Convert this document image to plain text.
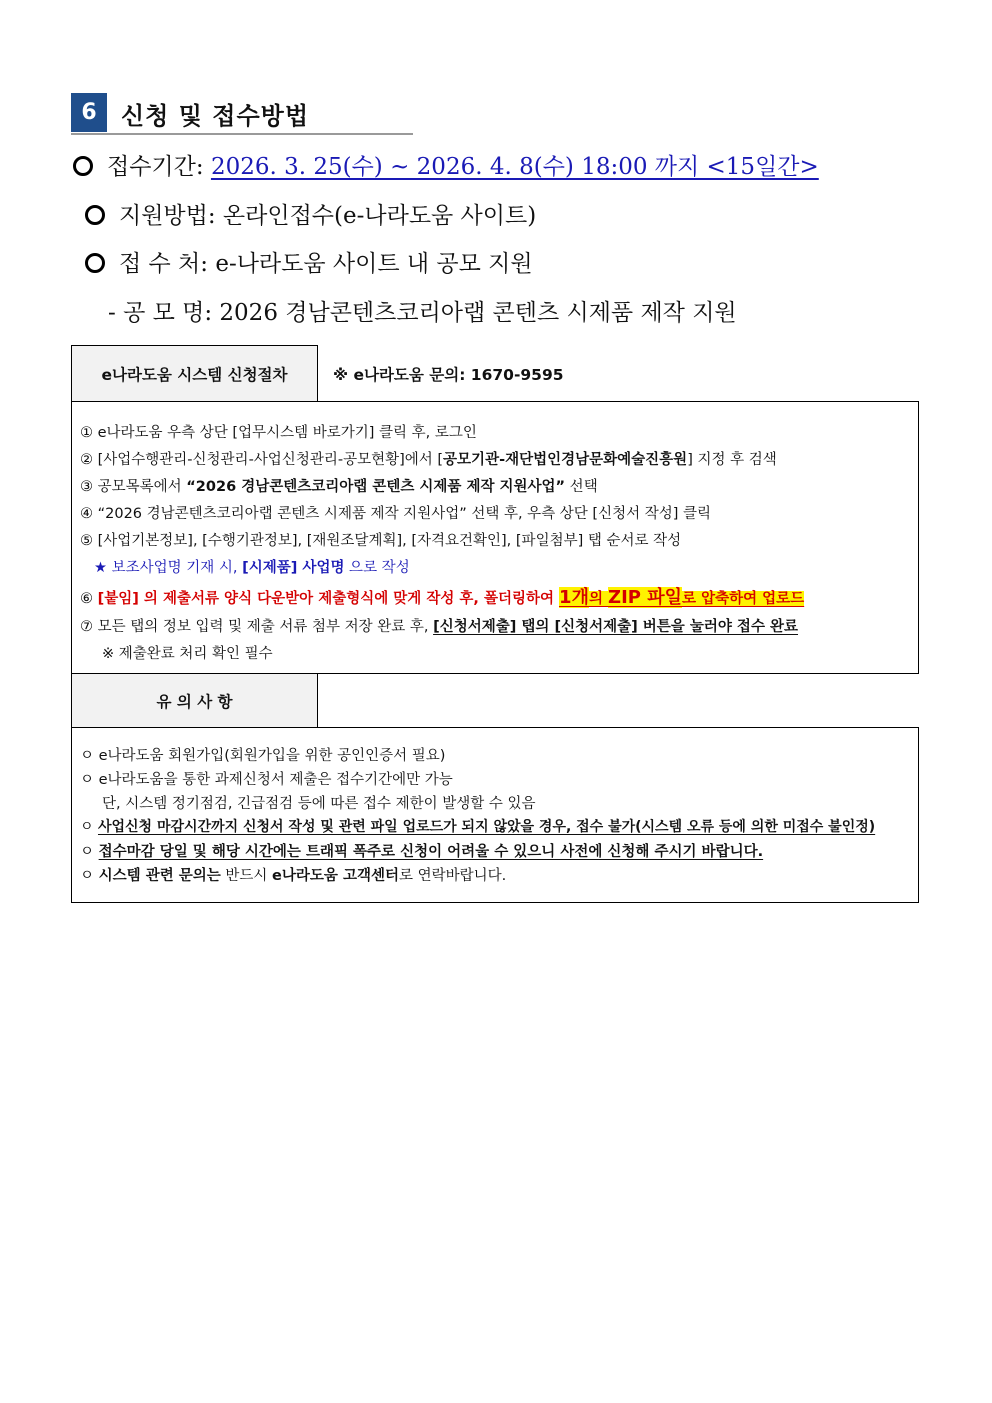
6	신청 및 접수방법
접수기간: 2026. 3. 25(수) ~ 2026. 4. 8(수) 18:00 까지 <15일간>
지원방법: 온라인접수(e-나라도움 사이트)
접 수 처: e-나라도움 사이트 내 공모 지원
- 공 모 명: 2026 경남콘텐츠코리아랩 콘텐츠 시제품 제작 지원
e나라도움 시스템 신청절차	※ e나라도움 문의: 1670-9595
① e나라도움 우측 상단 [업무시스템 바로가기] 클릭 후, 로그인
② [사업수행관리-신청관리-사업신청관리-공모현황]에서 [공모기관-재단법인경남문화예술진흥원] 지정 후 검색
③ 공모목록에서 “2026 경남콘텐츠코리아랩 콘텐츠 시제품 제작 지원사업” 선택
④ “2026 경남콘텐츠코리아랩 콘텐츠 시제품 제작 지원사업” 선택 후, 우측 상단 [신청서 작성] 클릭
⑤ [사업기본정보], [수행기관정보], [재원조달계획], [자격요건확인], [파일첨부] 탭 순서로 작성
★ 보조사업명 기재 시, [시제품] 사업명 으로 작성
⑥ [붙임] 의 제출서류 양식 다운받아 제출형식에 맞게 작성 후, 폴더링하여 1개의 ZIP 파일로 압축하여 업로드
⑦ 모든 탭의 정보 입력 및 제출 서류 첨부 저장 완료 후, [신청서제출] 탭의 [신청서제출] 버튼을 눌러야 접수 완료
※ 제출완료 처리 확인 필수
유 의 사 항
ㅇ e나라도움 회원가입(회원가입을 위한 공인인증서 필요)
ㅇ e나라도움을 통한 과제신청서 제출은 접수기간에만 가능
단, 시스템 정기점검, 긴급점검 등에 따른 접수 제한이 발생할 수 있음
ㅇ 사업신청 마감시간까지 신청서 작성 및 관련 파일 업로드가 되지 않았을 경우, 접수 불가(시스템 오류 등에 의한 미접수 불인정)
ㅇ 접수마감 당일 및 해당 시간에는 트래픽 폭주로 신청이 어려울 수 있으니 사전에 신청해 주시기 바랍니다.
ㅇ 시스템 관련 문의는 반드시 e나라도움 고객센터로 연락바랍니다.
